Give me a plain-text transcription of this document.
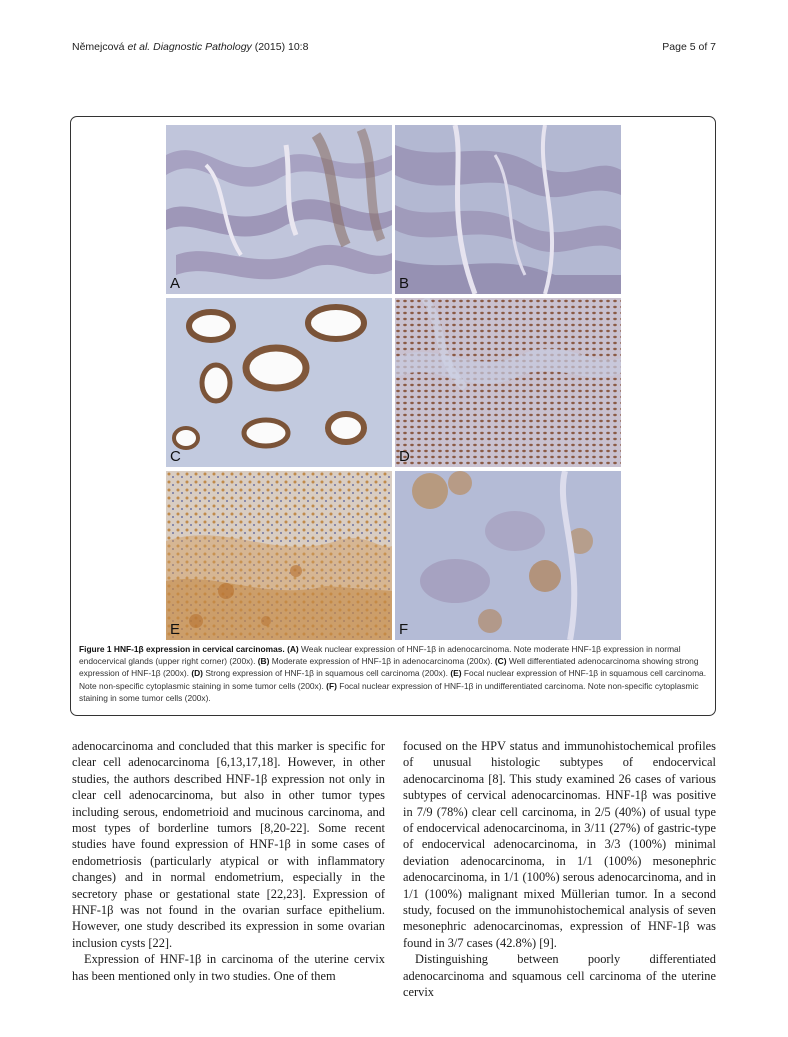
Němejcová et al. Diagnostic Pathology (2015) 10:8	Page 5 of 7
A	B
C	D
E	F

Figure 1 HNF-1β expression in cervical carcinomas. (A) Weak nuclear expression of HNF-1β in adenocarcinoma. Note moderate HNF-1β expression in normal endocervical glands (upper right corner) (200x). (B) Moderate expression of HNF-1β in adenocarcinoma (200x). (C) Well differentiated adenocarcinoma showing strong expression of HNF-1β (200x). (D) Strong expression of HNF-1β in squamous cell carcinoma (200x). (E) Focal nuclear expression of HNF-1β in squamous cell carcinoma. Note non-specific cytoplasmic staining in some tumor cells (200x). (F) Focal nuclear expression of HNF-1β in undifferentiated carcinoma. Note non-specific cytoplasmic staining in some tumor cells (200x).

adenocarcinoma and concluded that this marker is specific for clear cell adenocarcinoma [6,13,17,18]. However, in other studies, the authors described HNF-1β expression not only in clear cell adenocarcinoma, but also in other tumor types including serous, endometrioid and mucinous carcinoma, and most types of borderline tumors [8,20-22]. Some recent studies have found expression of HNF-1β in some cases of endometriosis (particularly atypical or with inflammatory changes) and in normal endometrium, especially in the secretory phase or gestational state [22,23]. Expression of HNF-1β was not found in the ovarian surface epithelium. However, one study described its expression in some ovarian inclusion cysts [22].

Expression of HNF-1β in carcinoma of the uterine cervix has been mentioned only in two studies. One of them

focused on the HPV status and immunohistochemical profiles of unusual histologic subtypes of endocervical adenocarcinoma [8]. This study examined 26 cases of various subtypes of cervical adenocarcinomas. HNF-1β was positive in 7/9 (78%) clear cell carcinoma, in 2/5 (40%) of usual type of endocervical adenocarcinoma, in 3/11 (27%) of gastric-type of endocervical adenocarcinoma, in 3/3 (100%) minimal deviation adenocarcinoma, in 1/1 (100%) mesonephric adenocarcinoma, in 1/1 (100%) serous adenocarcinoma, and in 1/1 (100%) malignant mixed Müllerian tumor. In a second study, focused on the immunohistochemical analysis of seven mesonephric adenocarcinomas, expression of HNF-1β was found in 3/7 cases (42.8%) [9].

Distinguishing between poorly differentiated adenocarcinoma and squamous cell carcinoma of the uterine cervix
